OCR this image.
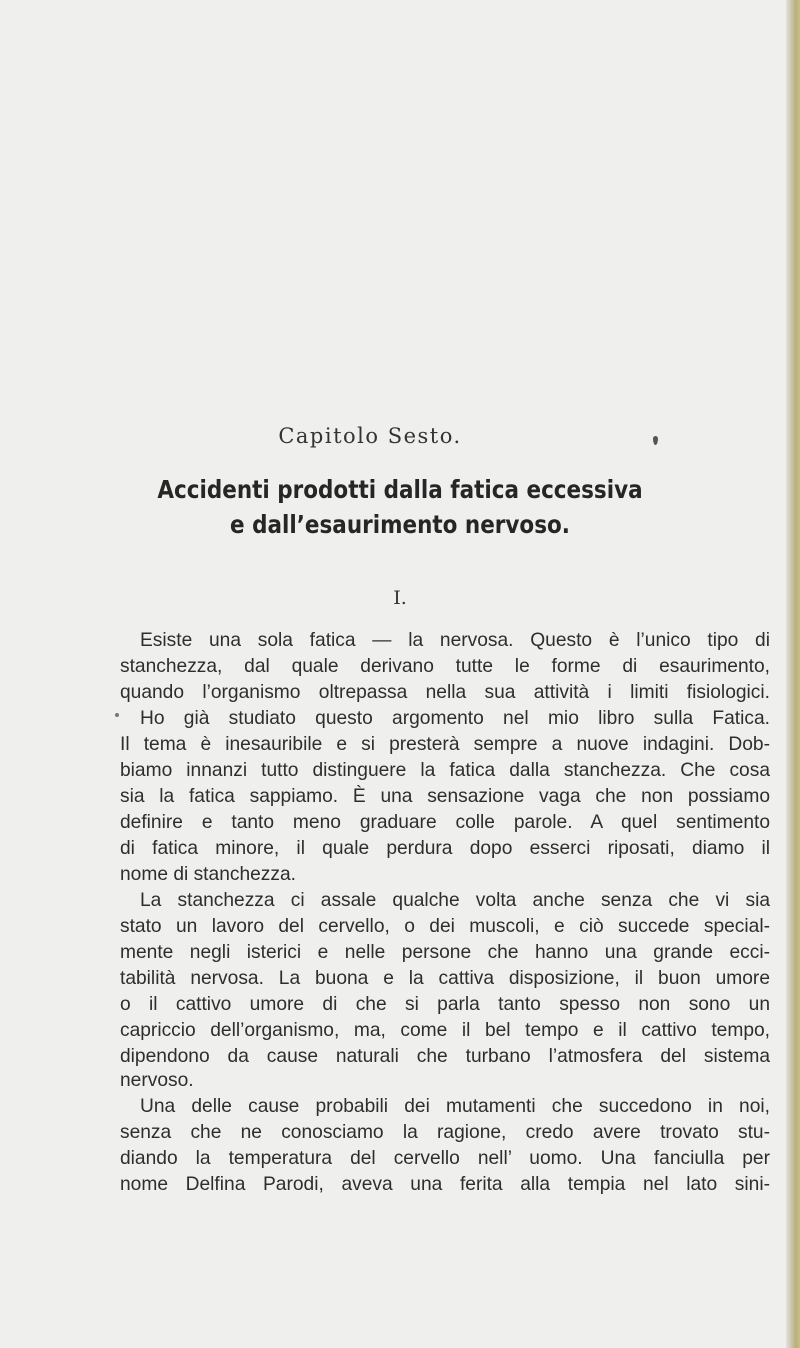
Capitolo Sesto.
Accidenti prodotti dalla fatica eccessiva
e dall’esaurimento nervoso.
I.
Esiste una sola fatica — la nervosa. Questo è l’unico tipo di
stanchezza, dal quale derivano tutte le forme di esaurimento,
quando l’organismo oltrepassa nella sua attività i limiti fisiologici.
Ho già studiato questo argomento nel mio libro sulla Fatica.
Il tema è inesauribile e si presterà sempre a nuove indagini. Dob-
biamo innanzi tutto distinguere la fatica dalla stanchezza. Che cosa
sia la fatica sappiamo. È una sensazione vaga che non possiamo
definire e tanto meno graduare colle parole. A quel sentimento
di fatica minore, il quale perdura dopo esserci riposati, diamo il
nome di stanchezza.
La stanchezza ci assale qualche volta anche senza che vi sia
stato un lavoro del cervello, o dei muscoli, e ciò succede special-
mente negli isterici e nelle persone che hanno una grande ecci-
tabilità nervosa. La buona e la cattiva disposizione, il buon umore
o il cattivo umore di che si parla tanto spesso non sono un
capriccio dell’organismo, ma, come il bel tempo e il cattivo tempo,
dipendono da cause naturali che turbano l’atmosfera del sistema
nervoso.
Una delle cause probabili dei mutamenti che succedono in noi,
senza che ne conosciamo la ragione, credo avere trovato stu-
diando la temperatura del cervello nell’ uomo. Una fanciulla per
nome Delfina Parodi, aveva una ferita alla tempia nel lato sini-
